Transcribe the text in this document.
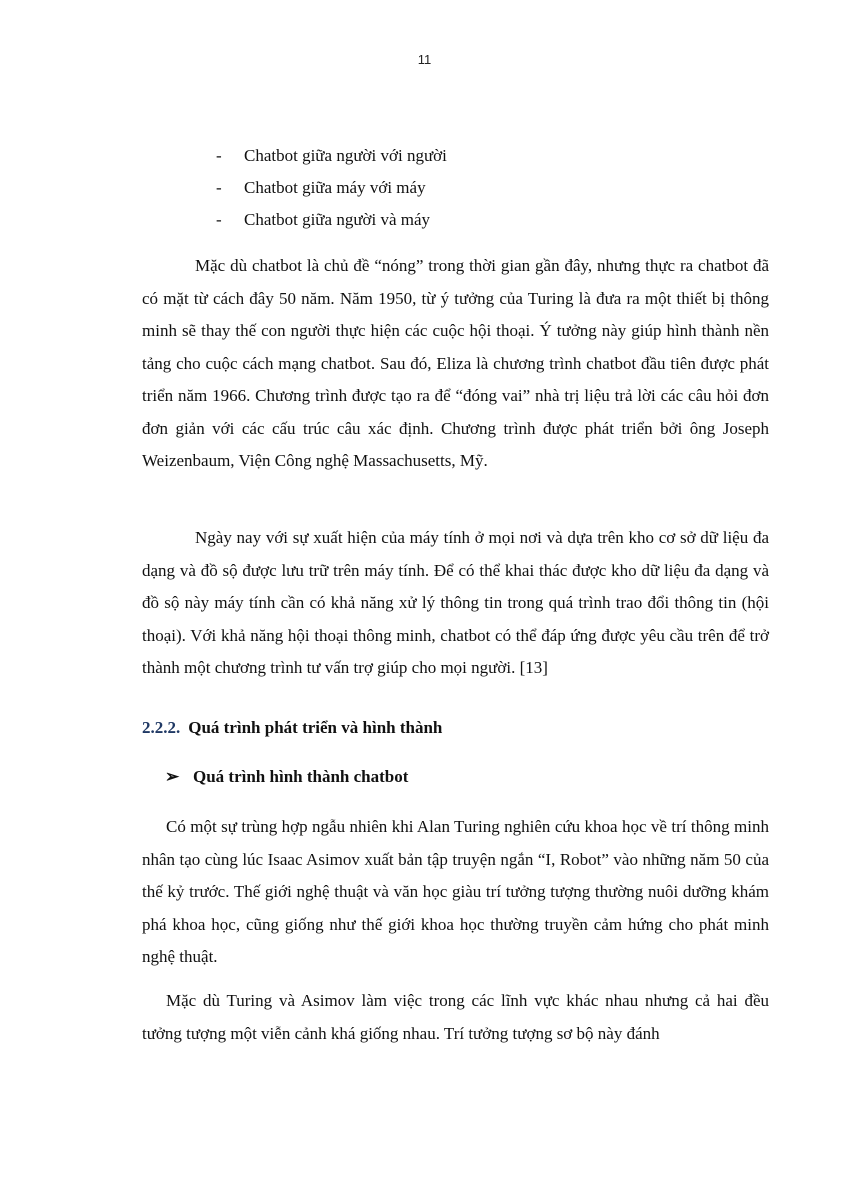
11
- Chatbot giữa người với người
- Chatbot giữa máy với máy
- Chatbot giữa người và máy

Mặc dù chatbot là chủ đề “nóng” trong thời gian gần đây, nhưng thực ra chatbot đã có mặt từ cách đây 50 năm. Năm 1950, từ ý tưởng của Turing là đưa ra một thiết bị thông minh sẽ thay thế con người thực hiện các cuộc hội thoại. Ý tưởng này giúp hình thành nền tảng cho cuộc cách mạng chatbot. Sau đó, Eliza là chương trình chatbot đầu tiên được phát triển năm 1966. Chương trình được tạo ra để “đóng vai” nhà trị liệu trả lời các câu hỏi đơn đơn giản với các cấu trúc câu xác định. Chương trình được phát triển bởi ông Joseph Weizenbaum, Viện Công nghệ Massachusetts, Mỹ.

Ngày nay với sự xuất hiện của máy tính ở mọi nơi và dựa trên kho cơ sở dữ liệu đa dạng và đồ sộ được lưu trữ trên máy tính. Để có thể khai thác được kho dữ liệu đa dạng và đồ sộ này máy tính cần có khả năng xử lý thông tin trong quá trình trao đổi thông tin (hội thoại). Với khả năng hội thoại thông minh, chatbot có thể đáp ứng được yêu cầu trên để trở thành một chương trình tư vấn trợ giúp cho mọi người. [13]

2.2.2. Quá trình phát triển và hình thành
➢ Quá trình hình thành chatbot

Có một sự trùng hợp ngẫu nhiên khi Alan Turing nghiên cứu khoa học về trí thông minh nhân tạo cùng lúc Isaac Asimov xuất bản tập truyện ngắn “I, Robot” vào những năm 50 của thế kỷ trước. Thế giới nghệ thuật và văn học giàu trí tưởng tượng thường nuôi dưỡng khám phá khoa học, cũng giống như thế giới khoa học thường truyền cảm hứng cho phát minh nghệ thuật.

Mặc dù Turing và Asimov làm việc trong các lĩnh vực khác nhau nhưng cả hai đều tưởng tượng một viễn cảnh khá giống nhau. Trí tưởng tượng sơ bộ này đánh
